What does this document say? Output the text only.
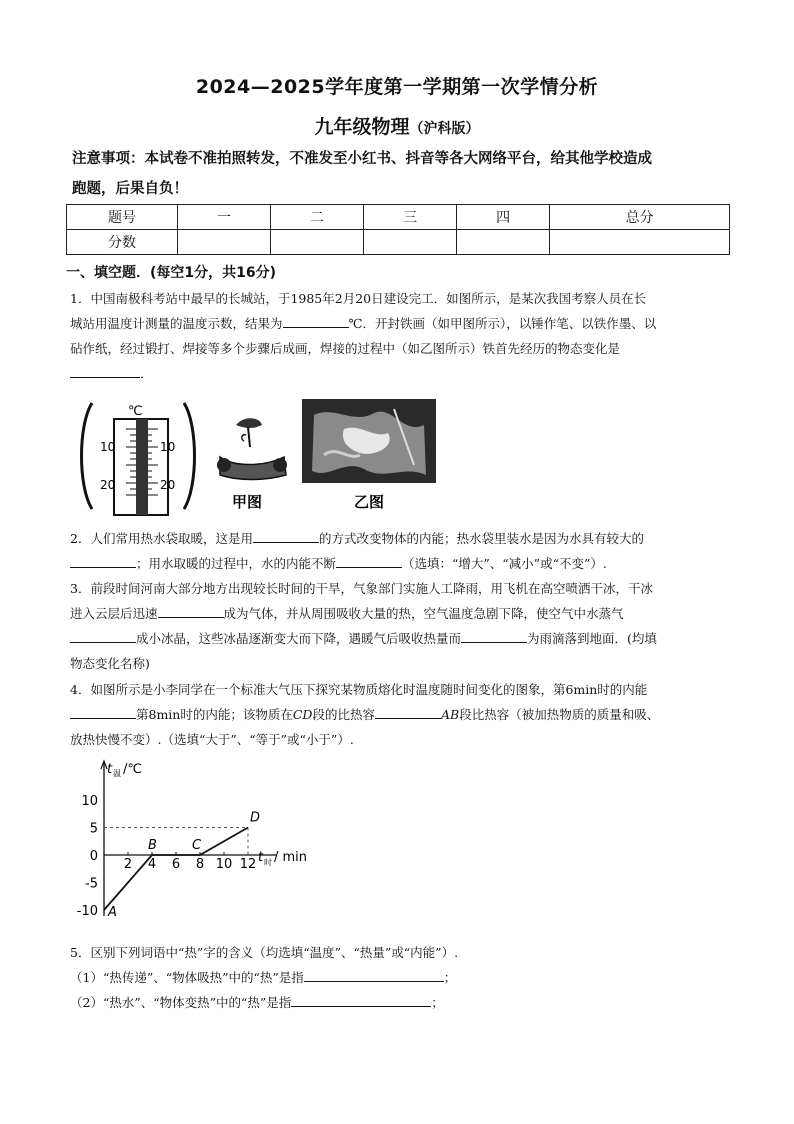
2024—2025学年度第一学期第一次学情分析
九年级物理（沪科版）
注意事项：本试卷不准拍照转发，不准发至小红书、抖音等各大网络平台，给其他学校造成
跑题，后果自负！
题号	一	二	三	四	总分
分数					
一、填空题．(每空1分，共16分)
1．中国南极科考站中最早的长城站，于1985年2月20日建设完工．如图所示，是某次我国考察人员在长
城站用温度计测量的温度示数，结果为	℃．开封铁画（如甲图所示），以锤作笔、以铁作墨、以
砧作纸，经过锻打、焊接等多个步骤后成画，焊接的过程中（如乙图所示）铁首先经历的物态变化是
．
℃
10
20
10
20
甲图	乙图
2．人们常用热水袋取暖，这是用	的方式改变物体的内能；热水袋里装水是因为水具有较大的
；用水取暖的过程中，水的内能不断	（选填：“增大”、“减小”或“不变”）.
3．前段时间河南大部分地方出现较长时间的干旱，气象部门实施人工降雨，用飞机在高空喷洒干冰，干冰
进入云层后迅速	成为气体，并从周围吸收大量的热，空气温度急剧下降，使空气中水蒸气
成小冰晶，这些冰晶逐渐变大而下降，遇暖气后吸收热量而	为雨滴落到地面．(均填
物态变化名称)
4．如图所示是小李同学在一个标准大气压下探究某物质熔化时温度随时间变化的图象，第6min时的内能
第8min时的内能；该物质在CD段的比热容	AB段比热容（被加热物质的质量和吸、
放热快慢不变）.（选填“大于”、“等于”或“小于”）.
t 温 /℃
t 时 / min
10
5
0
-5
-10
2 4 6 8 10 12
A
B	C
D
5．区别下列词语中“热”字的含义（均选填“温度”、“热量”或“内能”）.
（1）“热传递”、“物体吸热”中的“热”是指	；
（2）“热水”、“物体变热”中的“热”是指	；
